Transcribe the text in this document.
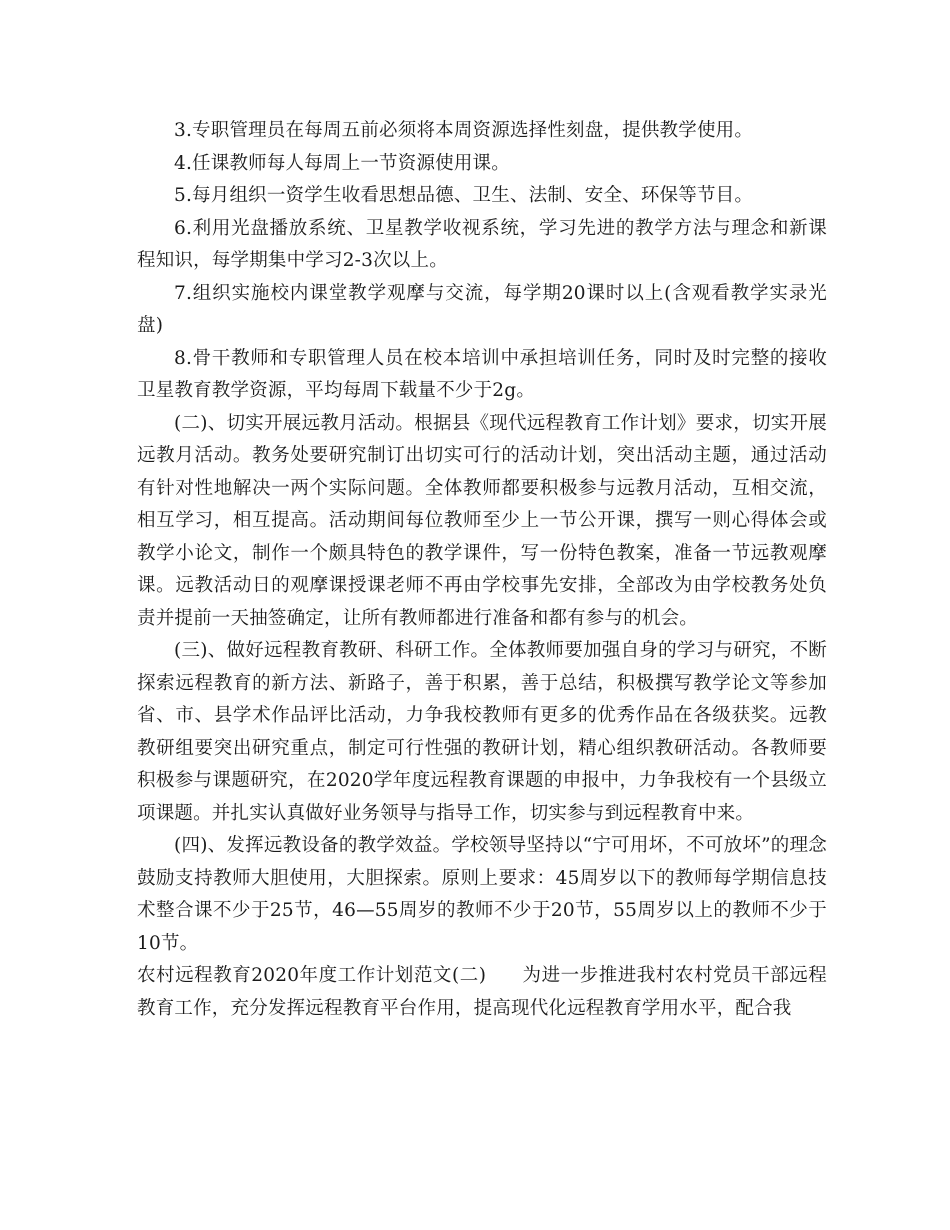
3.专职管理员在每周五前必须将本周资源选择性刻盘，提供教学使用。

4.任课教师每人每周上一节资源使用课。

5.每月组织一资学生收看思想品德、卫生、法制、安全、环保等节目。

6.利用光盘播放系统、卫星教学收视系统，学习先进的教学方法与理念和新课程知识，每学期集中学习2-3次以上。

7.组织实施校内课堂教学观摩与交流，每学期20课时以上(含观看教学实录光盘)

8.骨干教师和专职管理人员在校本培训中承担培训任务，同时及时完整的接收卫星教育教学资源，平均每周下载量不少于2g。

(二)、切实开展远教月活动。根据县《现代远程教育工作计划》要求，切实开展远教月活动。教务处要研究制订出切实可行的活动计划，突出活动主题，通过活动有针对性地解决一两个实际问题。全体教师都要积极参与远教月活动，互相交流，相互学习，相互提高。活动期间每位教师至少上一节公开课，撰写一则心得体会或教学小论文，制作一个颇具特色的教学课件，写一份特色教案，准备一节远教观摩课。远教活动日的观摩课授课老师不再由学校事先安排，全部改为由学校教务处负责并提前一天抽签确定，让所有教师都进行准备和都有参与的机会。

(三)、做好远程教育教研、科研工作。全体教师要加强自身的学习与研究，不断探索远程教育的新方法、新路子，善于积累，善于总结，积极撰写教学论文等参加省、市、县学术作品评比活动，力争我校教师有更多的优秀作品在各级获奖。远教教研组要突出研究重点，制定可行性强的教研计划，精心组织教研活动。各教师要积极参与课题研究，在2020学年度远程教育课题的申报中，力争我校有一个县级立项课题。并扎实认真做好业务领导与指导工作，切实参与到远程教育中来。

(四)、发挥远教设备的教学效益。学校领导坚持以“宁可用坏，不可放坏”的理念鼓励支持教师大胆使用，大胆探索。原则上要求：45周岁以下的教师每学期信息技术整合课不少于25节，46—55周岁的教师不少于20节，55周岁以上的教师不少于10节。

农村远程教育2020年度工作计划范文(二) 为进一步推进我村农村党员干部远程教育工作，充分发挥远程教育平台作用，提高现代化远程教育学用水平，配合我
